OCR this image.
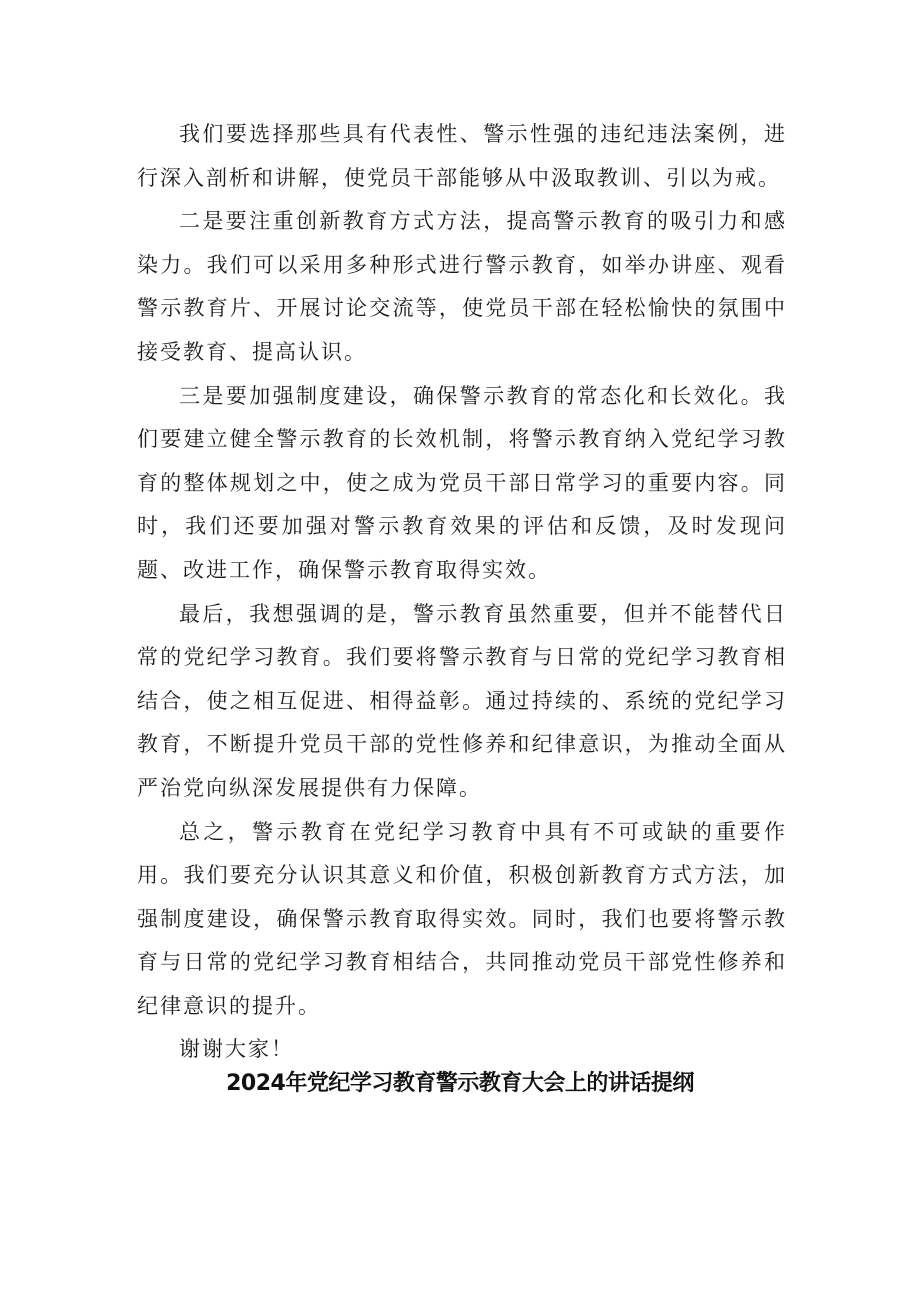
我们要选择那些具有代表性、警示性强的违纪违法案例，进行深入剖析和讲解，使党员干部能够从中汲取教训、引以为戒。

二是要注重创新教育方式方法，提高警示教育的吸引力和感染力。我们可以采用多种形式进行警示教育，如举办讲座、观看警示教育片、开展讨论交流等，使党员干部在轻松愉快的氛围中接受教育、提高认识。

三是要加强制度建设，确保警示教育的常态化和长效化。我们要建立健全警示教育的长效机制，将警示教育纳入党纪学习教育的整体规划之中，使之成为党员干部日常学习的重要内容。同时，我们还要加强对警示教育效果的评估和反馈，及时发现问题、改进工作，确保警示教育取得实效。

最后，我想强调的是，警示教育虽然重要，但并不能替代日常的党纪学习教育。我们要将警示教育与日常的党纪学习教育相结合，使之相互促进、相得益彰。通过持续的、系统的党纪学习教育，不断提升党员干部的党性修养和纪律意识，为推动全面从严治党向纵深发展提供有力保障。

总之，警示教育在党纪学习教育中具有不可或缺的重要作用。我们要充分认识其意义和价值，积极创新教育方式方法，加强制度建设，确保警示教育取得实效。同时，我们也要将警示教育与日常的党纪学习教育相结合，共同推动党员干部党性修养和纪律意识的提升。

谢谢大家！

2024年党纪学习教育警示教育大会上的讲话提纲
